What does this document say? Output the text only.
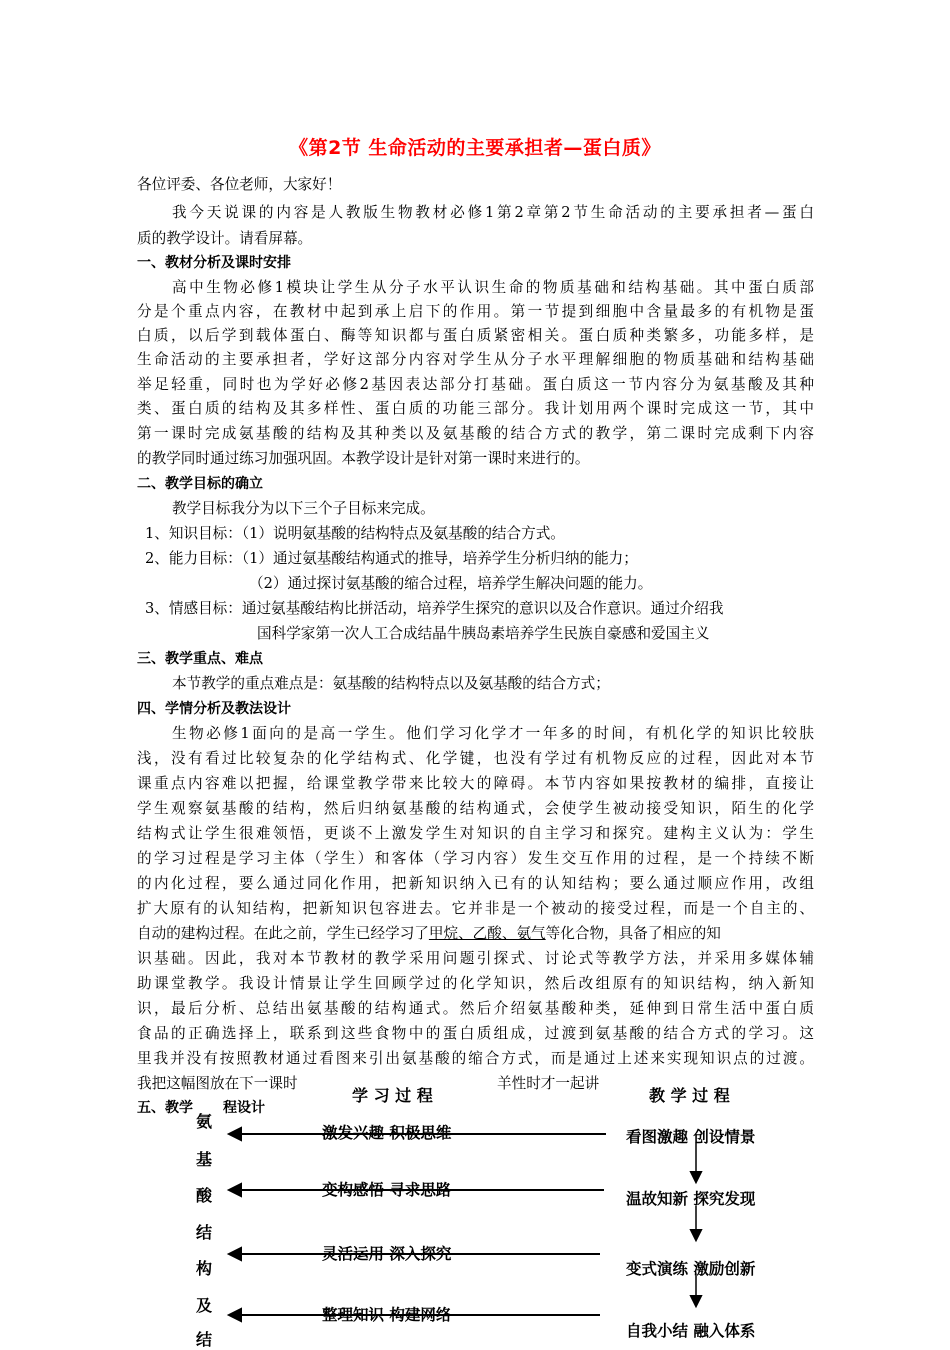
《第2节 生命活动的主要承担者—蛋白质》
各位评委、各位老师，大家好！
我今天说课的内容是人教版生物教材必修1第2章第2节生命活动的主要承担者—蛋白
质的教学设计。请看屏幕。
一、教材分析及课时安排
高中生物必修1模块让学生从分子水平认识生命的物质基础和结构基础。其中蛋白质部
分是个重点内容，在教材中起到承上启下的作用。第一节提到细胞中含量最多的有机物是蛋
白质，以后学到载体蛋白、酶等知识都与蛋白质紧密相关。蛋白质种类繁多，功能多样，是
生命活动的主要承担者，学好这部分内容对学生从分子水平理解细胞的物质基础和结构基础
举足轻重，同时也为学好必修2基因表达部分打基础。蛋白质这一节内容分为氨基酸及其种
类、蛋白质的结构及其多样性、蛋白质的功能三部分。我计划用两个课时完成这一节，其中
第一课时完成氨基酸的结构及其种类以及氨基酸的结合方式的教学，第二课时完成剩下内容
的教学同时通过练习加强巩固。本教学设计是针对第一课时来进行的。
二、教学目标的确立
教学目标我分为以下三个子目标来完成。
1、知识目标：（1）说明氨基酸的结构特点及氨基酸的结合方式。
2、能力目标：（1）通过氨基酸结构通式的推导，培养学生分析归纳的能力；
（2）通过探讨氨基酸的缩合过程，培养学生解决问题的能力。
3、情感目标：通过氨基酸结构比拼活动，培养学生探究的意识以及合作意识。通过介绍我
国科学家第一次人工合成结晶牛胰岛素培养学生民族自豪感和爱国主义
三、教学重点、难点
本节教学的重点难点是：氨基酸的结构特点以及氨基酸的结合方式；
四、学情分析及教法设计
生物必修1面向的是高一学生。他们学习化学才一年多的时间，有机化学的知识比较肤
浅，没有看过比较复杂的化学结构式、化学键，也没有学过有机物反应的过程，因此对本节
课重点内容难以把握，给课堂教学带来比较大的障碍。本节内容如果按教材的编排，直接让
学生观察氨基酸的结构，然后归纳氨基酸的结构通式，会使学生被动接受知识，陌生的化学
结构式让学生很难领悟，更谈不上激发学生对知识的自主学习和探究。建构主义认为：学生
的学习过程是学习主体（学生）和客体（学习内容）发生交互作用的过程，是一个持续不断
的内化过程，要么通过同化作用，把新知识纳入已有的认知结构；要么通过顺应作用，改组
扩大原有的认知结构，把新知识包容进去。它并非是一个被动的接受过程，而是一个自主的、
自动的建构过程。在此之前，学生已经学习了甲烷、乙酸、氨气等化合物，具备了相应的知
识基础。因此，我对本节教材的教学采用问题引探式、讨论式等教学方法，并采用多媒体辅
助课堂教学。我设计情景让学生回顾学过的化学知识，然后改组原有的知识结构，纳入新知
识，最后分析、总结出氨基酸的结构通式。然后介绍氨基酸种类，延伸到日常生活中蛋白质
食品的正确选择上，联系到这些食物中的蛋白质组成，过渡到氨基酸的结合方式的学习。这
里我并没有按照教材通过看图来引出氨基酸的缩合方式，而是通过上述来实现知识点的过渡。
我把这幅图放在下一课时	羊性时才一起讲
五、教学 程设计
学 习 过 程	教 学 过 程
氨
基
酸
结
构
及
结
激发兴趣 积极思维
变构感悟 寻求思路
灵活运用 深入探究
整理知识 构建网络
看图激趣 创设情景
温故知新 探究发现
变式演练 激励创新
自我小结 融入体系
